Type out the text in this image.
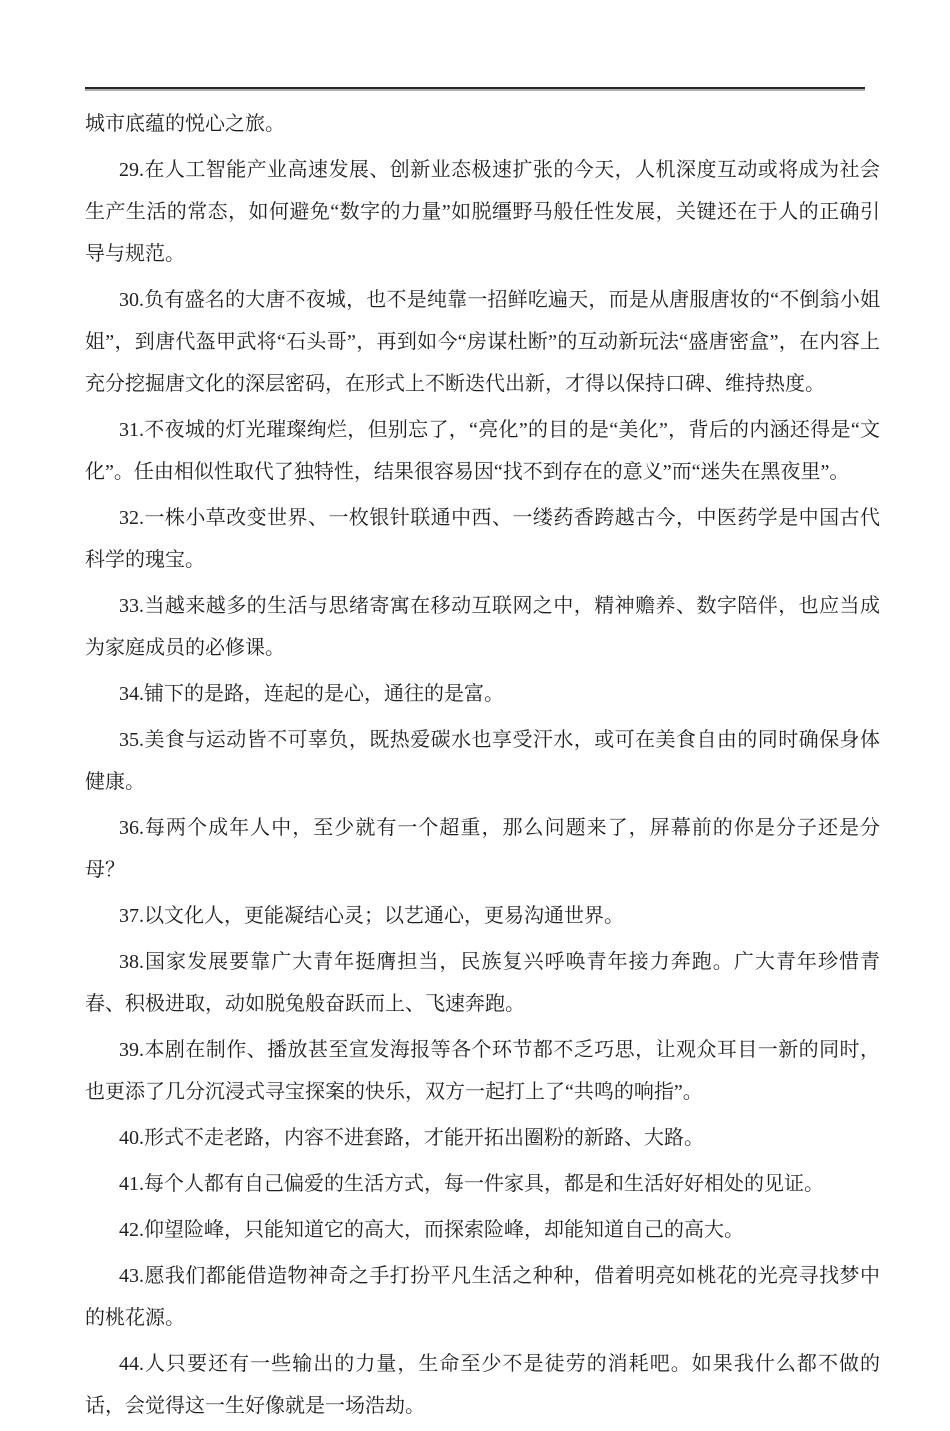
城市底蕴的悦心之旅。

29.在人工智能产业高速发展、创新业态极速扩张的今天，人机深度互动或将成为社会生产生活的常态，如何避免“数字的力量”如脱缰野马般任性发展，关键还在于人的正确引导与规范。

30.负有盛名的大唐不夜城，也不是纯靠一招鲜吃遍天，而是从唐服唐妆的“不倒翁小姐姐”，到唐代盔甲武将“石头哥”，再到如今“房谋杜断”的互动新玩法“盛唐密盒”，在内容上充分挖掘唐文化的深层密码，在形式上不断迭代出新，才得以保持口碑、维持热度。

31.不夜城的灯光璀璨绚烂，但别忘了，“亮化”的目的是“美化”，背后的内涵还得是“文化”。任由相似性取代了独特性，结果很容易因“找不到存在的意义”而“迷失在黑夜里”。

32.一株小草改变世界、一枚银针联通中西、一缕药香跨越古今，中医药学是中国古代科学的瑰宝。

33.当越来越多的生活与思绪寄寓在移动互联网之中，精神赡养、数字陪伴，也应当成为家庭成员的必修课。

34.铺下的是路，连起的是心，通往的是富。

35.美食与运动皆不可辜负，既热爱碳水也享受汗水，或可在美食自由的同时确保身体健康。

36.每两个成年人中，至少就有一个超重，那么问题来了，屏幕前的你是分子还是分母？

37.以文化人，更能凝结心灵；以艺通心，更易沟通世界。

38.国家发展要靠广大青年挺膺担当，民族复兴呼唤青年接力奔跑。广大青年珍惜青春、积极进取，动如脱兔般奋跃而上、飞速奔跑。

39.本剧在制作、播放甚至宣发海报等各个环节都不乏巧思，让观众耳目一新的同时，也更添了几分沉浸式寻宝探案的快乐，双方一起打上了“共鸣的响指”。

40.形式不走老路，内容不进套路，才能开拓出圈粉的新路、大路。

41.每个人都有自己偏爱的生活方式，每一件家具，都是和生活好好相处的见证。

42.仰望险峰，只能知道它的高大，而探索险峰，却能知道自己的高大。

43.愿我们都能借造物神奇之手打扮平凡生活之种种，借着明亮如桃花的光亮寻找梦中的桃花源。

44.人只要还有一些输出的力量，生命至少不是徒劳的消耗吧。如果我什么都不做的话，会觉得这一生好像就是一场浩劫。
